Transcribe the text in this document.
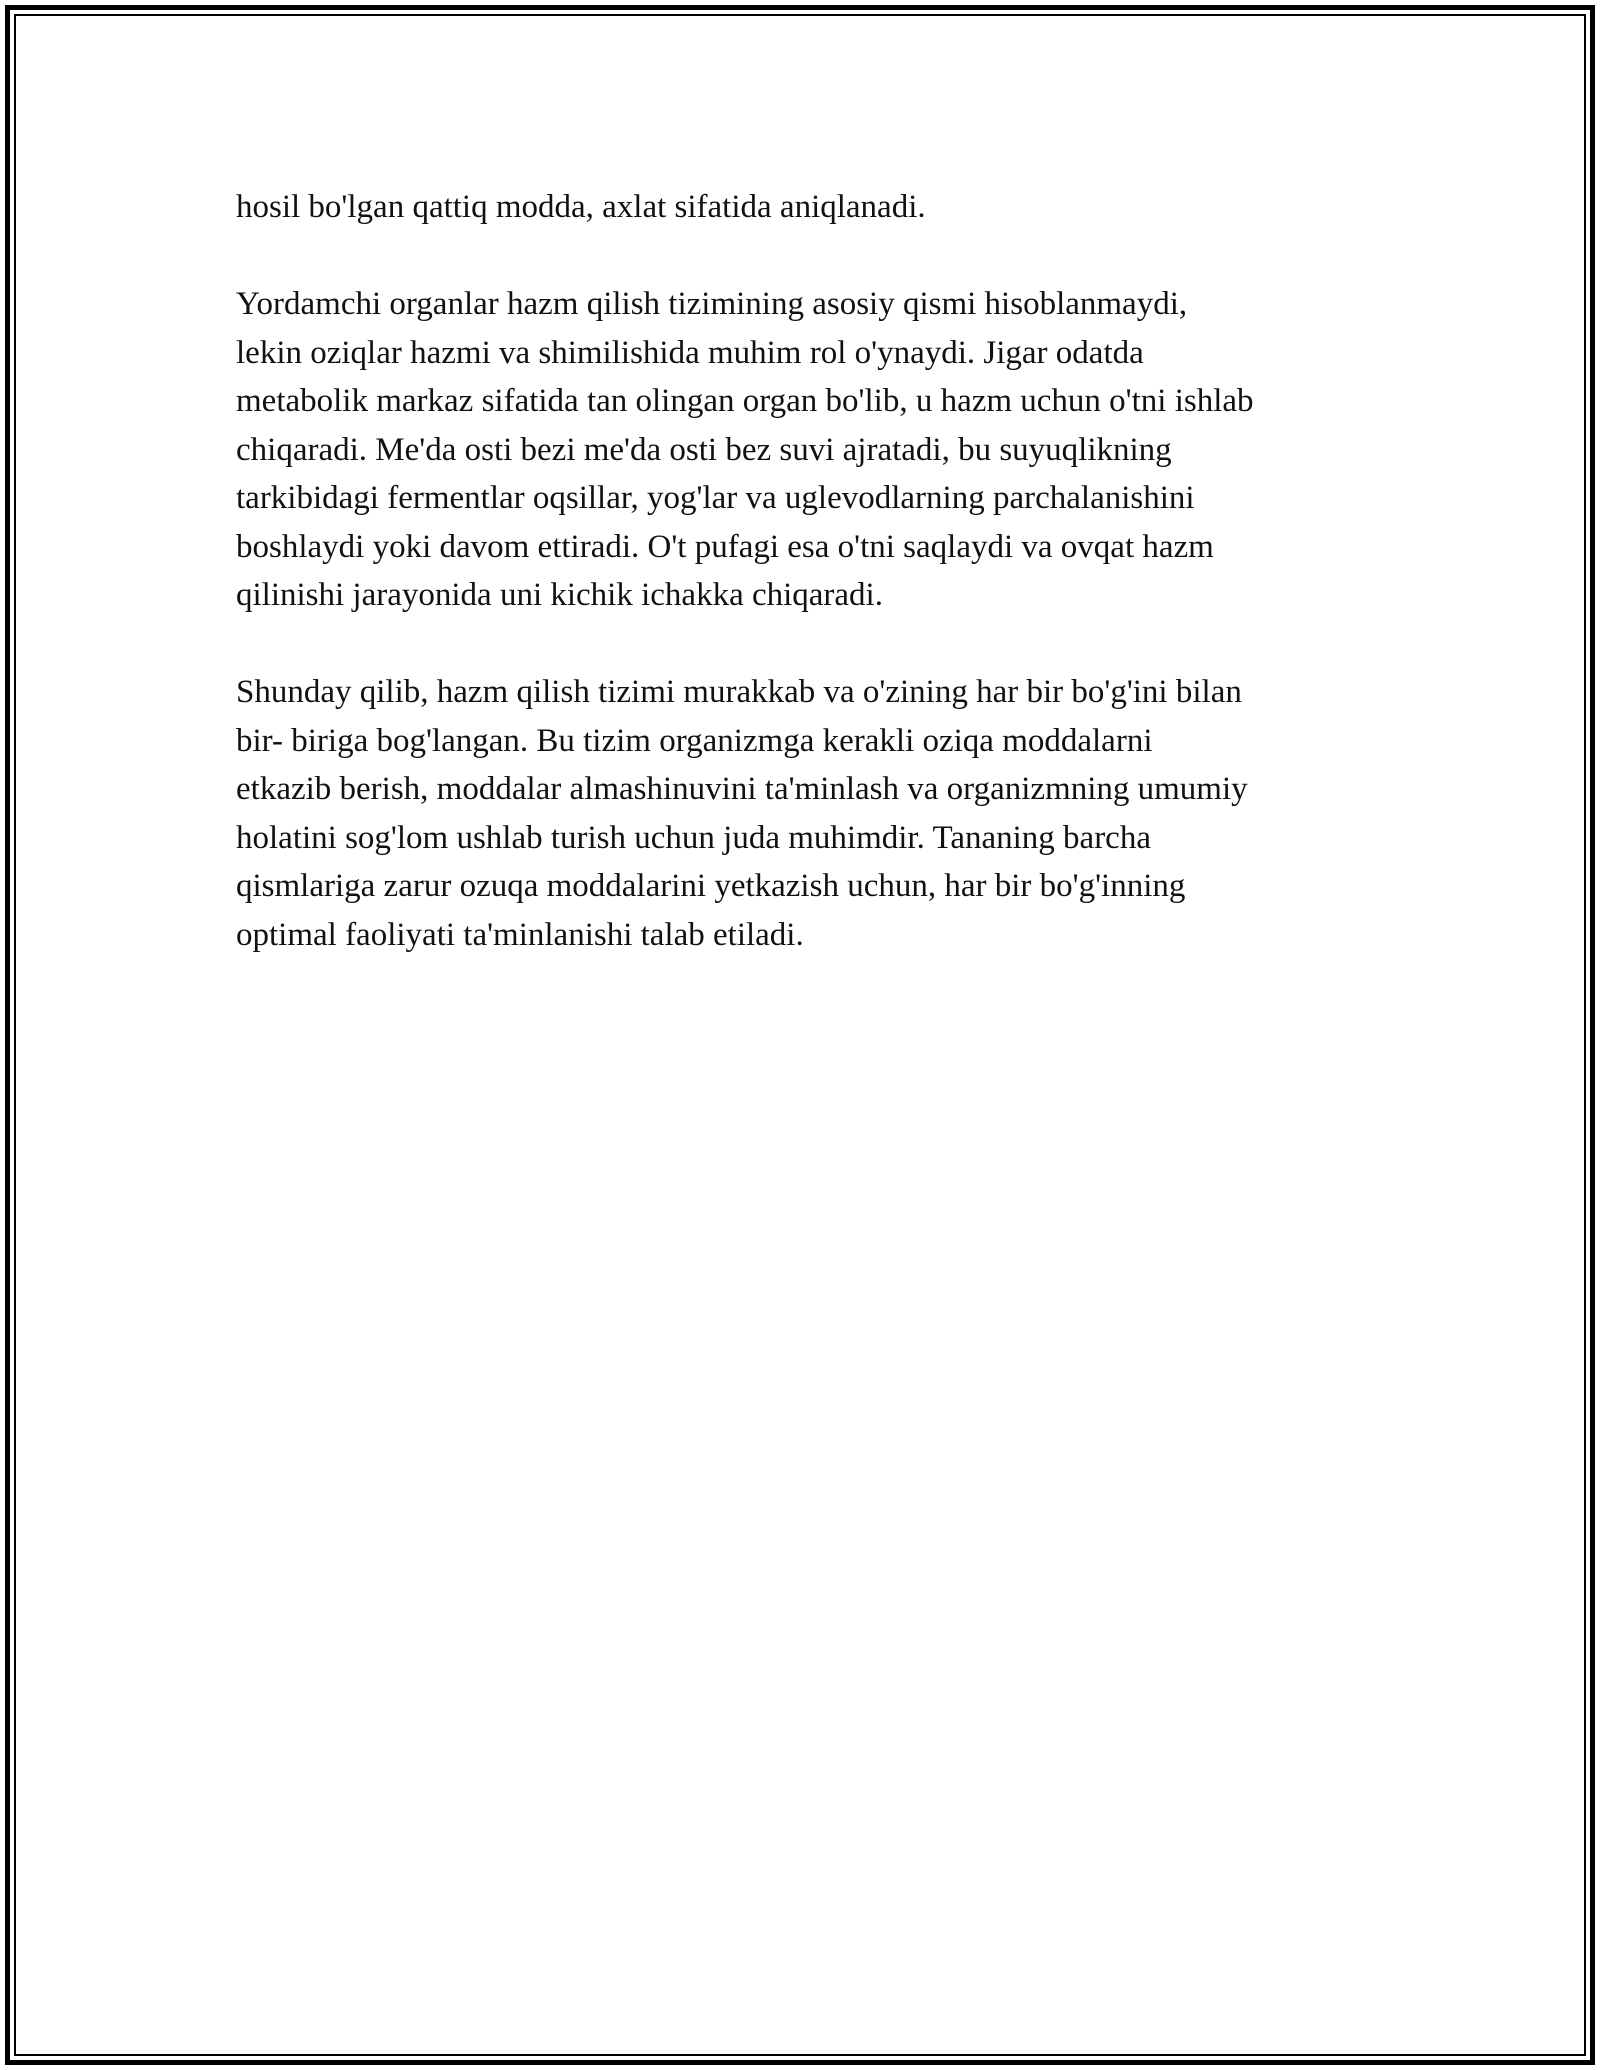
hosil bo'lgan qattiq modda, axlat sifatida aniqlanadi.

Yordamchi organlar hazm qilish tizimining asosiy qismi hisoblanmaydi,
lekin oziqlar hazmi va shimilishida muhim rol o'ynaydi. Jigar odatda
metabolik markaz sifatida tan olingan organ bo'lib, u hazm uchun o'tni ishlab
chiqaradi. Me'da osti bezi me'da osti bez suvi ajratadi, bu suyuqlikning
tarkibidagi fermentlar oqsillar, yog'lar va uglevodlarning parchalanishini
boshlaydi yoki davom ettiradi. O't pufagi esa o'tni saqlaydi va ovqat hazm
qilinishi jarayonida uni kichik ichakka chiqaradi.

Shunday qilib, hazm qilish tizimi murakkab va o'zining har bir bo'g'ini bilan
bir- biriga bog'langan. Bu tizim organizmga kerakli oziqa moddalarni
etkazib berish, moddalar almashinuvini ta'minlash va organizmning umumiy
holatini sog'lom ushlab turish uchun juda muhimdir. Tananing barcha
qismlariga zarur ozuqa moddalarini yetkazish uchun, har bir bo'g'inning
optimal faoliyati ta'minlanishi talab etiladi.
